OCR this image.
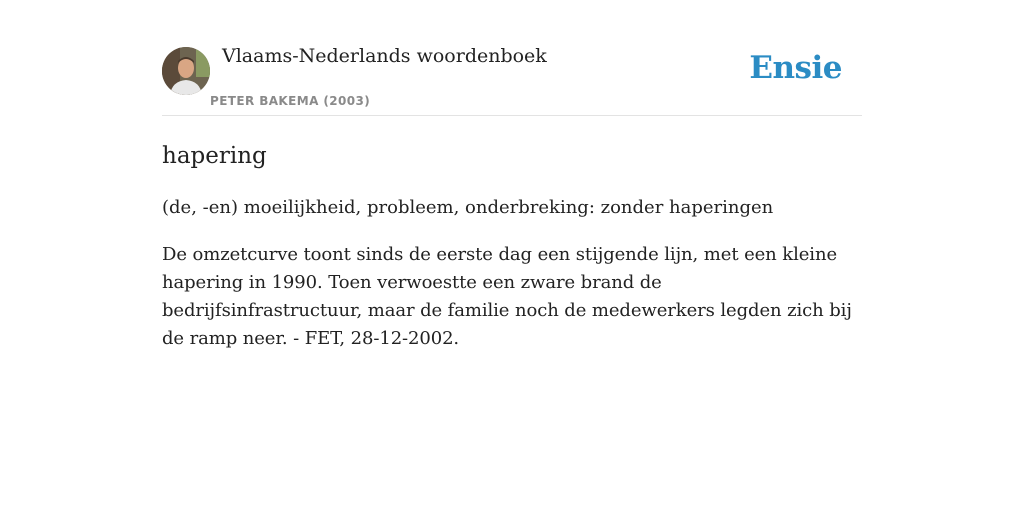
Vlaams-Nederlands woordenboek
PETER BAKEMA (2003)
Ensie
hapering

(de, -en) moeilijkheid, probleem, onderbreking: zonder haperingen

De omzetcurve toont sinds de eerste dag een stijgende lijn, met een kleine hapering in 1990. Toen verwoestte een zware brand de bedrijfsinfrastructuur, maar de familie noch de medewerkers legden zich bij de ramp neer. - FET, 28-12-2002.
